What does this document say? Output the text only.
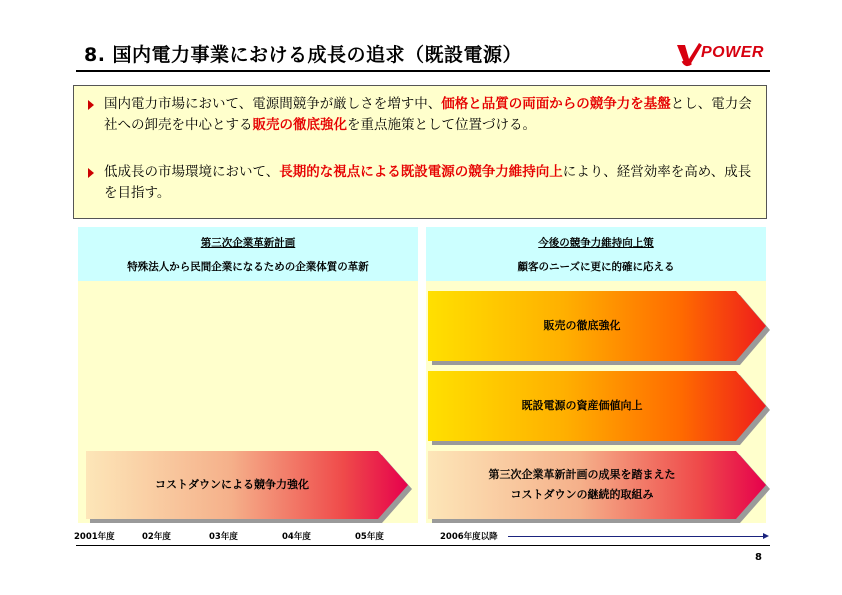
8. 国内電力事業における成長の追求（既設電源）	POWER
国内電力市場において、電源間競争が厳しさを増す中、価格と品質の両面からの競争力を基盤とし、電力会社への卸売を中心とする販売の徹底強化を重点施策として位置づける。
低成長の市場環境において、長期的な視点による既設電源の競争力維持向上により、経営効率を高め、成長を目指す。
第三次企業革新計画
特殊法人から民間企業になるための企業体質の革新
今後の競争力維持向上策
顧客のニーズに更に的確に応える
販売の徹底強化
既設電源の資産価値向上
コストダウンによる競争力強化
第三次企業革新計画の成果を踏まえた
コストダウンの継続的取組み
2001年度	02年度	03年度	04年度	05年度	2006年度以降
8
